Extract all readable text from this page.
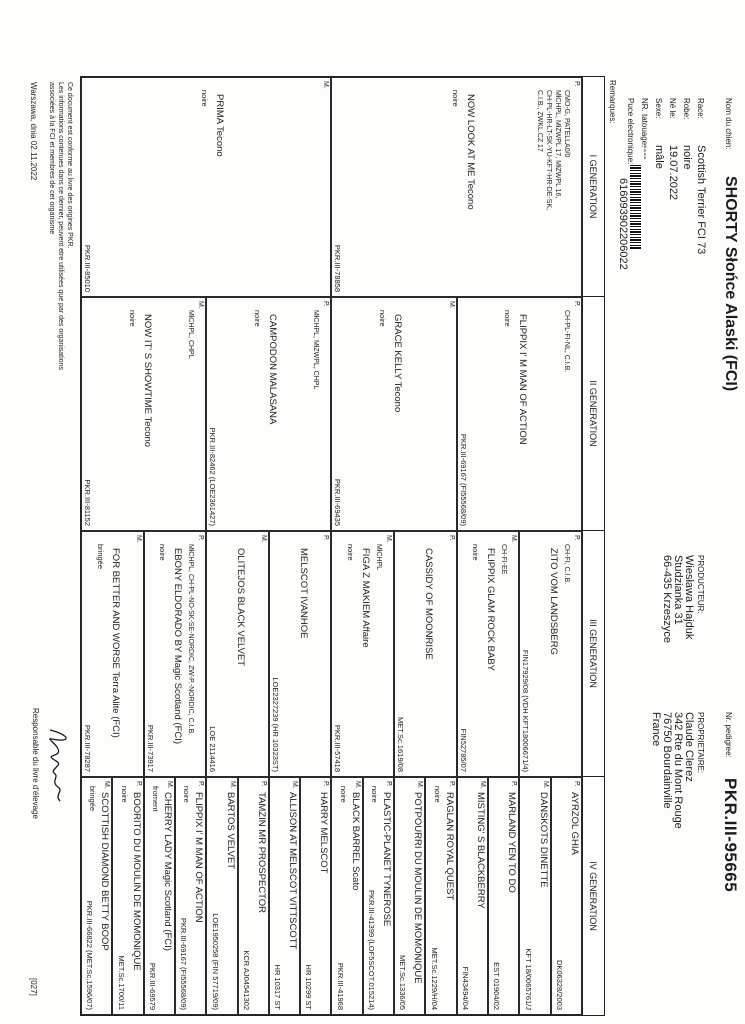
Nom du chien:
SHORTY Słońce Alaski (FCI)
Nr. pedigree:
PKR.III-95665
Race:
Scottish Terrier FCI 73
Robe:
noire
Né le:
19.07.2022
Sexe:
mâle
NR. tatouage:
----
Puce electronique:
616093902206022
Remarques:
PRODUCTEUR:
Wiesława Hajduk
Studzianka 31
66-435 Krzeszyce
PROPRIETAIRE:
Claude Clerez
342 Rte du Mont Rouge
76750 Bourdainville
France
I GENERATION
II GENERATION
III GENERATION
IV GENERATION
P.
CMO-G, PATELLA0/0
MłCHPL, MłZWPL 17, MłZWPL 16,
CH-PL-HR-LT-SK-YU-KFT-HR-DE-SK,
C.I.B., ZWKL.CZ 17
NOW LOOK AT ME Tecono
noire
PKR.III-78858
M.
PRIMA Tecono
noire
PKR.III-85010
P.
CH-PL-FI-NL, C.I.B.
FLIPPIX I' M MAN OF ACTION
noire
PKR.III-69167 (FI55568/09)
M.
GRACE KELLY Tecono
noire
PKR.III-69435
P.
MłCHPL, MłZWPL, CHPL
CAMPODON MALASANA
noire
PKR.III-82462 (LOE2361427)
M.
MłCHPL, CHPL
NOW IT' S SHOWTIME Tecono
noire
PKR.III-81152
P.
CH-FI, C.I.B.
ZITO VOM LANDSBERG
FIN17929/08 (VDH KFT18006671/4)
M.
CH-FI-EE
FLIPPIX GLAM ROCK BABY
noire
FIN52785/07
P.
CASSIDY OF MOONRISE
MET.Sc.1619/08
M.
MłCHPL
FIGA Z MAKIEM Affaire
noire
PKR.III-57418
P.
MELSCOT IVANHOE
LOE2327239 (HR 10323ST)
M.
OLITEJOS BLACK VELVET
LOE 2114416
P.
MłCHPL, CH-PL-NO-SK-SE-NORDIC, ZW-P.-NORDIC, C.I.B.
EBONY ELDORADO BY Magic Scotland (FCI)
noire
PKR.III-73917
M.
FOR BETTER AND WORSE Terra Alite (FCI)
bringée
PKR.III-78287
P.
AYRZOL GHIA
DK06328/2003
M.
DANSKOTS DINETTE
KFT 18/0065761/J
P.
MARLAND YEN TO DO
EST 01904/02
M.
MISTING' S BLACKBERRY
FIN43494/04
P.
RAGLAN ROYAL QUEST
noire
MET.Sc.1229/H/04
M.
POTPOURRI DU MOULIN DE MOMONIQUE
MET.Sc.1336/05
P.
PLASTIC-PLANET TYNEROSE
noire
PKR.III-41399 (LOF5SCOT.015214)
M.
BLACK BARREL Scato
noire
PKR.III-41968
P.
HARRY MELSCOT
HR 10299 ST
M.
ALLISON AT MELSCOT VITTSCOTT
HR 10317 ST
P.
TAMZIN MR PROSPECTOR
KCR AJ04541302
M.
BARTOS VELVET
LOE1950258 (FIN 57719/09)
P.
FLIPPIX I' M MAN OF ACTION
noire
PKR.III-69167 (FI55568/09)
M.
CHERRY LADY Magic Scotland (FCI)
froment
PKR.III-69579
P.
BOORITO DU MOULIN DE MOMONIQUE
noire
MET.Sc.1700/11
M.
SCOTTISH DIAMOND BETTY BOOP
bringée
PKR.III-66822 (MET.Sc.1596/07)
Ce document est conforme au livre des origines PKR.
Les informations contenues dans ce dernier, peuvent etre utilisées que par des organisations
associées à la FCI et membres de cet organisme
Warszawa, dnia 02.11.2022
Responsable du livre d'élevage
[027]
